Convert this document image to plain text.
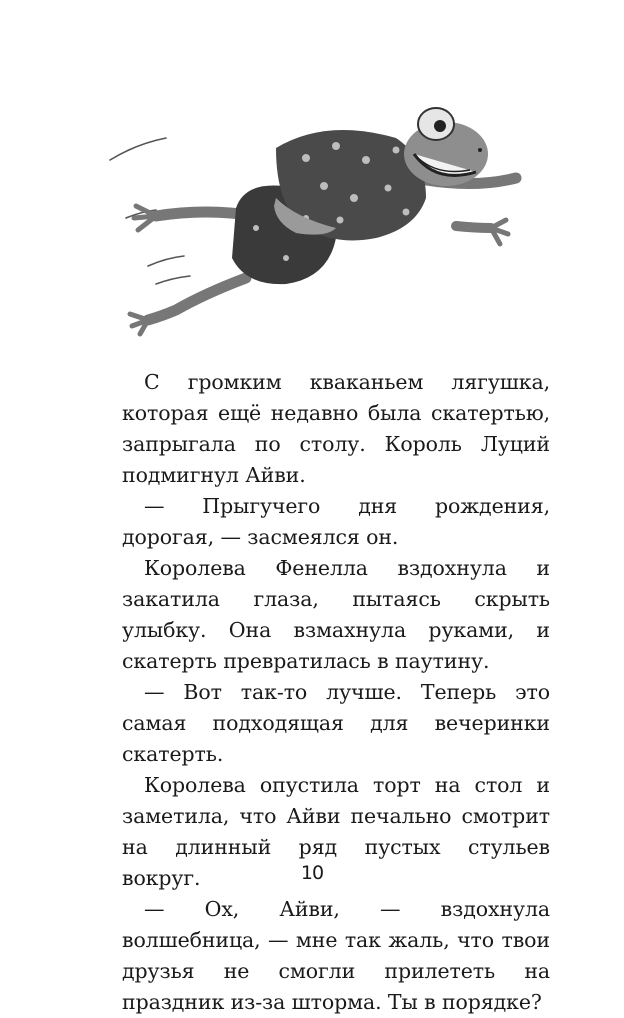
С громким кваканьем лягушка, которая ещё недавно была скатертью, запрыгала по столу. Король Луций подмигнул Айви.

— Прыгучего дня рождения, дорогая, — засмеялся он.

Королева Фенелла вздохнула и закатила глаза, пытаясь скрыть улыбку. Она взмахнула руками, и скатерть превратилась в паутину.

— Вот так-то лучше. Теперь это самая подходящая для вечеринки скатерть.

Королева опустила торт на стол и заметила, что Айви печально смотрит на длинный ряд пустых стульев вокруг.

— Ох, Айви, — вздохнула волшебница, — мне так жаль, что твои друзья не смогли прилететь на праздник из-за шторма. Ты в порядке?

10
